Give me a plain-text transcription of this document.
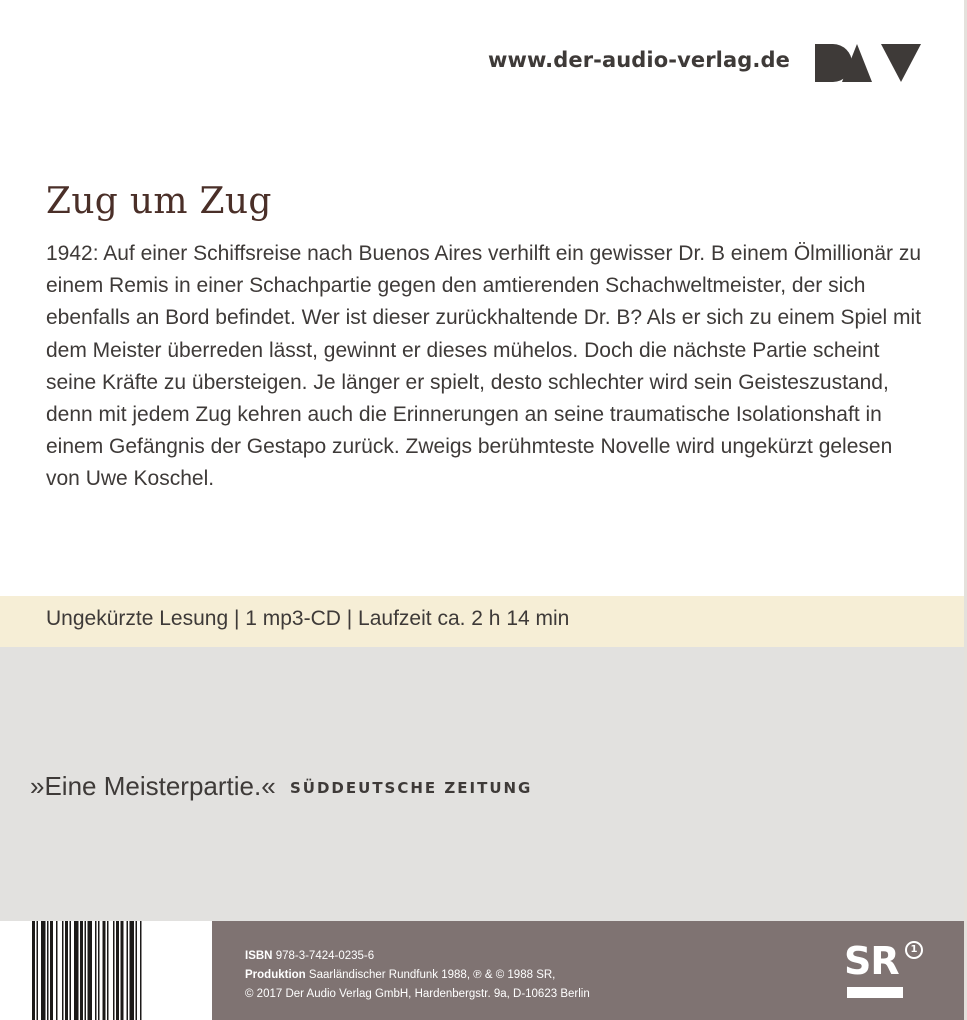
www.der-audio-verlag.de
Zug um Zug

1942: Auf einer Schiffsreise nach Buenos Aires verhilft ein gewisser Dr. B einem Ölmillionär zu einem Remis in einer Schachpartie gegen den amtierenden Schachweltmeister, der sich ebenfalls an Bord befindet. Wer ist dieser zurückhaltende Dr. B? Als er sich zu einem Spiel mit dem Meister überreden lässt, gewinnt er dieses mühelos. Doch die nächste Partie scheint seine Kräfte zu übersteigen. Je länger er spielt, desto schlechter wird sein Geisteszustand, denn mit jedem Zug kehren auch die Erinnerungen an seine traumatische Isolationshaft in einem Gefängnis der Gestapo zurück. Zweigs berühmteste Novelle wird ungekürzt gelesen von Uwe Koschel.

Ungekürzte Lesung | 1 mp3-CD | Laufzeit ca. 2 h 14 min
»Eine Meisterpartie.« SÜDDEUTSCHE ZEITUNG
ISBN 978-3-7424-0235-6
Produktion Saarländischer Rundfunk 1988, ℗ & © 1988 SR,
© 2017 Der Audio Verlag GmbH, Hardenbergstr. 9a, D-10623 Berlin
SR	1
